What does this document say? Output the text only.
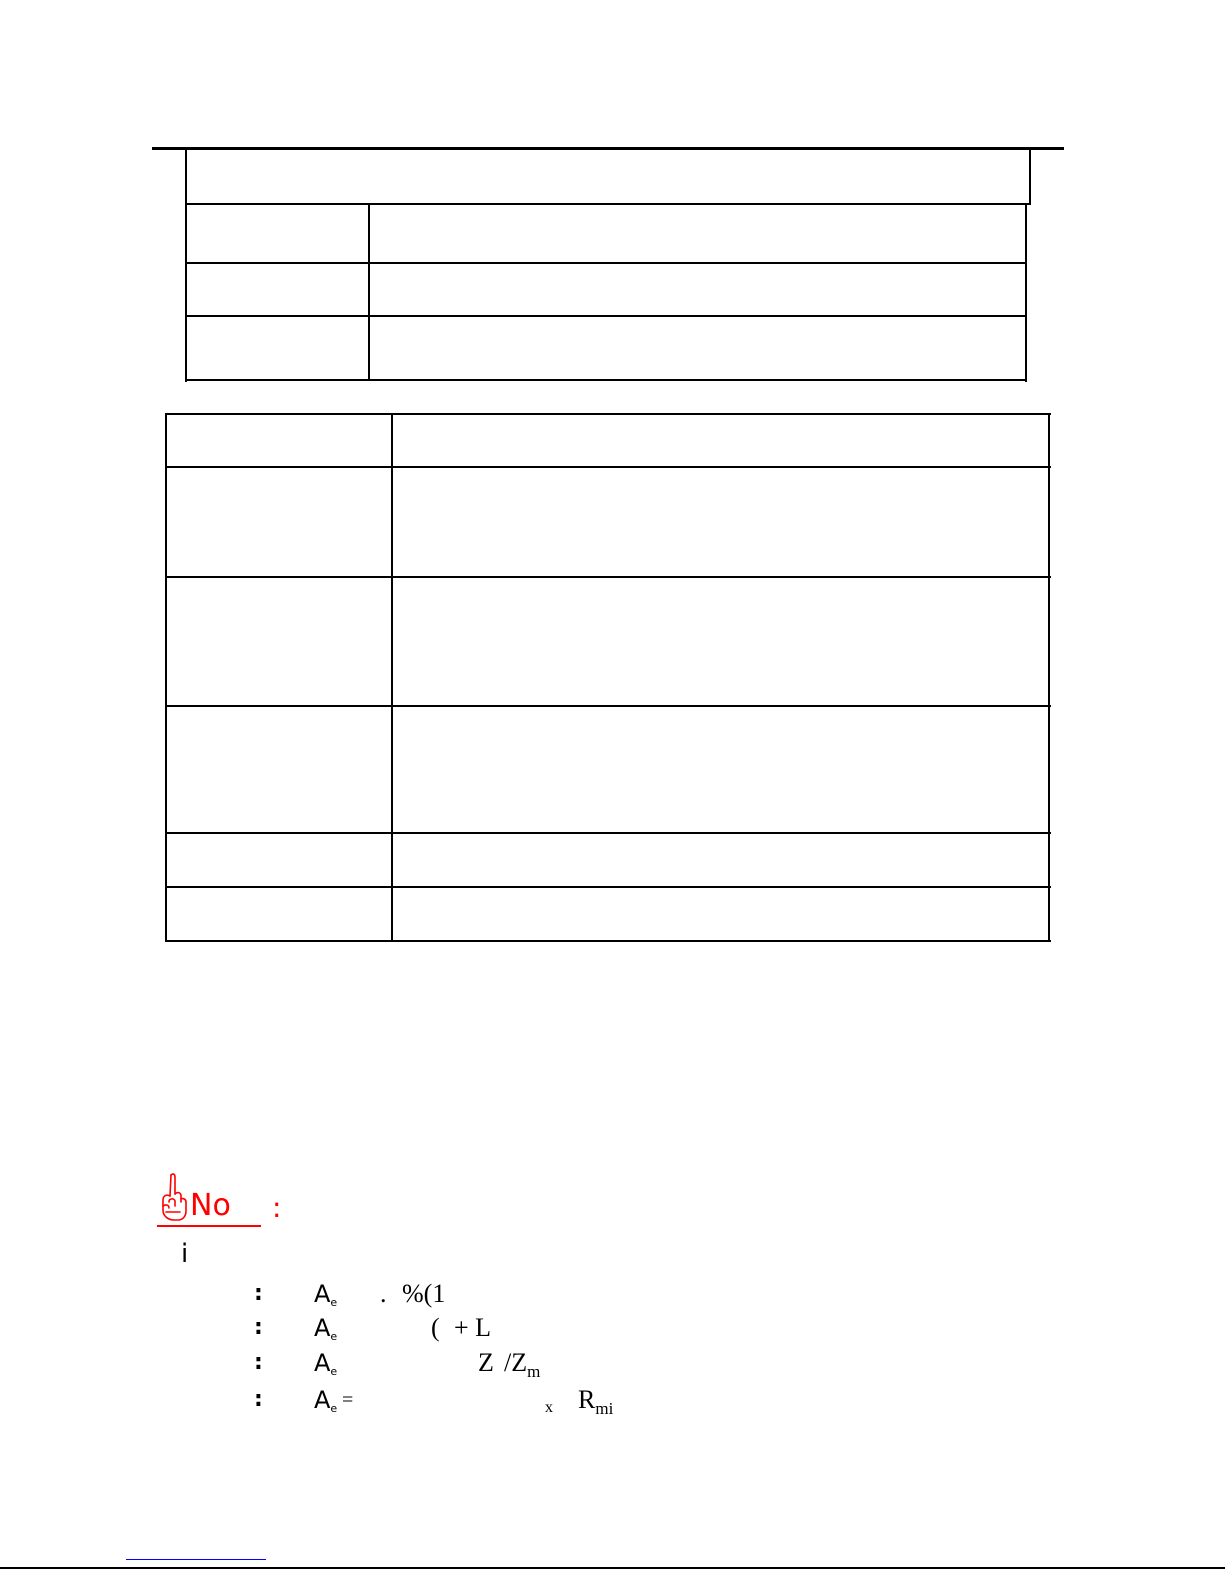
No :
i
: $A_e$ . %(1
: $A_e$	( + L
: $A_e$	Z $/Z_m$
: $A_e$ =	x $R_{mi}$
